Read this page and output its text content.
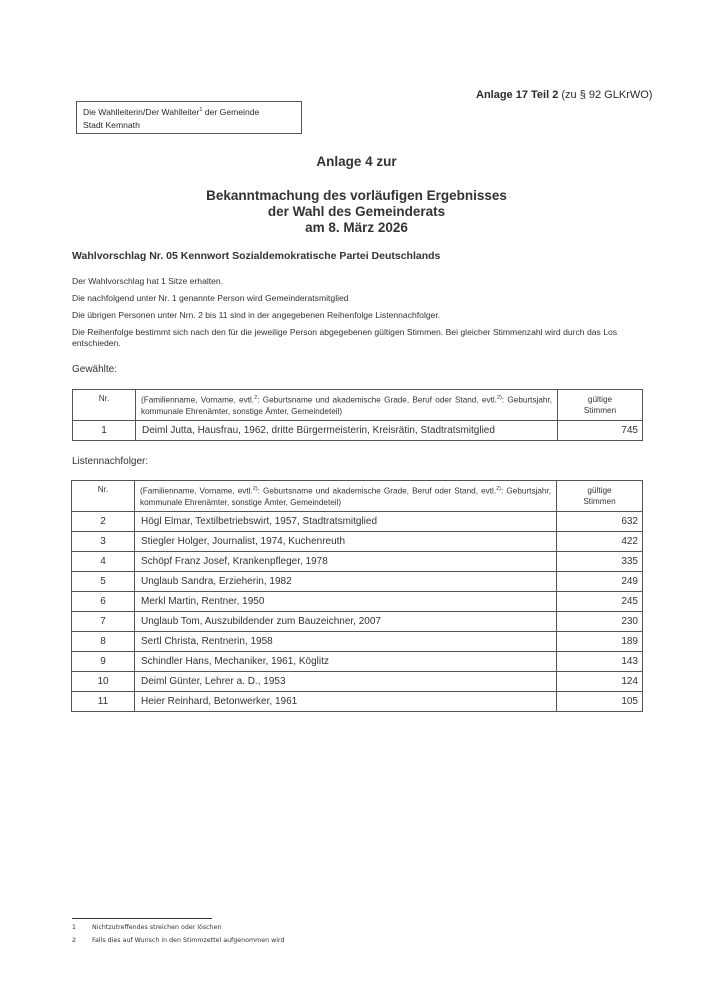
Anlage 17 Teil 2 (zu § 92 GLKrWO)
Die Wahlleiterin/Der Wahlleiter$^1$ der Gemeinde
Stadt Kemnath
Anlage 4 zur
Bekanntmachung des vorläufigen Ergebnisses
der Wahl des Gemeinderats
am 8. März 2026
Wahlvorschlag Nr. 05 Kennwort Sozialdemokratische Partei Deutschlands
Der Wahlvorschlag hat 1 Sitze erhalten.
Die nachfolgend unter Nr. 1 genannte Person wird Gemeinderatsmitglied
Die übrigen Personen unter Nrn. 2 bis 11 sind in der angegebenen Reihenfolge Listennachfolger.
Die Reihenfolge bestimmt sich nach den für die jeweilige Person abgegebenen gültigen Stimmen. Bei gleicher Stimmenzahl wird durch das Los entschieden.
Gewählte:
Nr.	(Familienname, Vorname, evtl.$^2$: Geburtsname und akademische Grade, Beruf oder Stand, evtl.$^{2)}$: Geburtsjahr, kommunale Ehrenämter, sonstige Ämter, Gemeindeteil)	gültige
Stimmen

1	Deiml Jutta, Hausfrau, 1962, dritte Bürgermeisterin, Kreisrätin, Stadtratsmitglied	745
Listennachfolger:
Nr.	(Familienname, Vorname, evtl.$^{2)}$: Geburtsname und akademische Grade, Beruf oder Stand, evtl.$^{2)}$: Geburtsjahr, kommunale Ehrenämter, sonstige Ämter, Gemeindeteil)	gültige
Stimmen

2	Högl Elmar, Textilbetriebswirt, 1957, Stadtratsmitglied	632
3	Stiegler Holger, Journalist, 1974, Kuchenreuth	422
4	Schöpf Franz Josef, Krankenpfleger, 1978	335
5	Unglaub Sandra, Erzieherin, 1982	249
6	Merkl Martin, Rentner, 1950	245
7	Unglaub Tom, Auszubildender zum Bauzeichner, 2007	230
8	Sertl Christa, Rentnerin, 1958	189
9	Schindler Hans, Mechaniker, 1961, Köglitz	143
10	Deiml Günter, Lehrer a. D., 1953	124
11	Heier Reinhard, Betonwerker, 1961	105
1	Nichtzutreffendes streichen oder löschen
2	Falls dies auf Wunsch in den Stimmzettel aufgenommen wird
